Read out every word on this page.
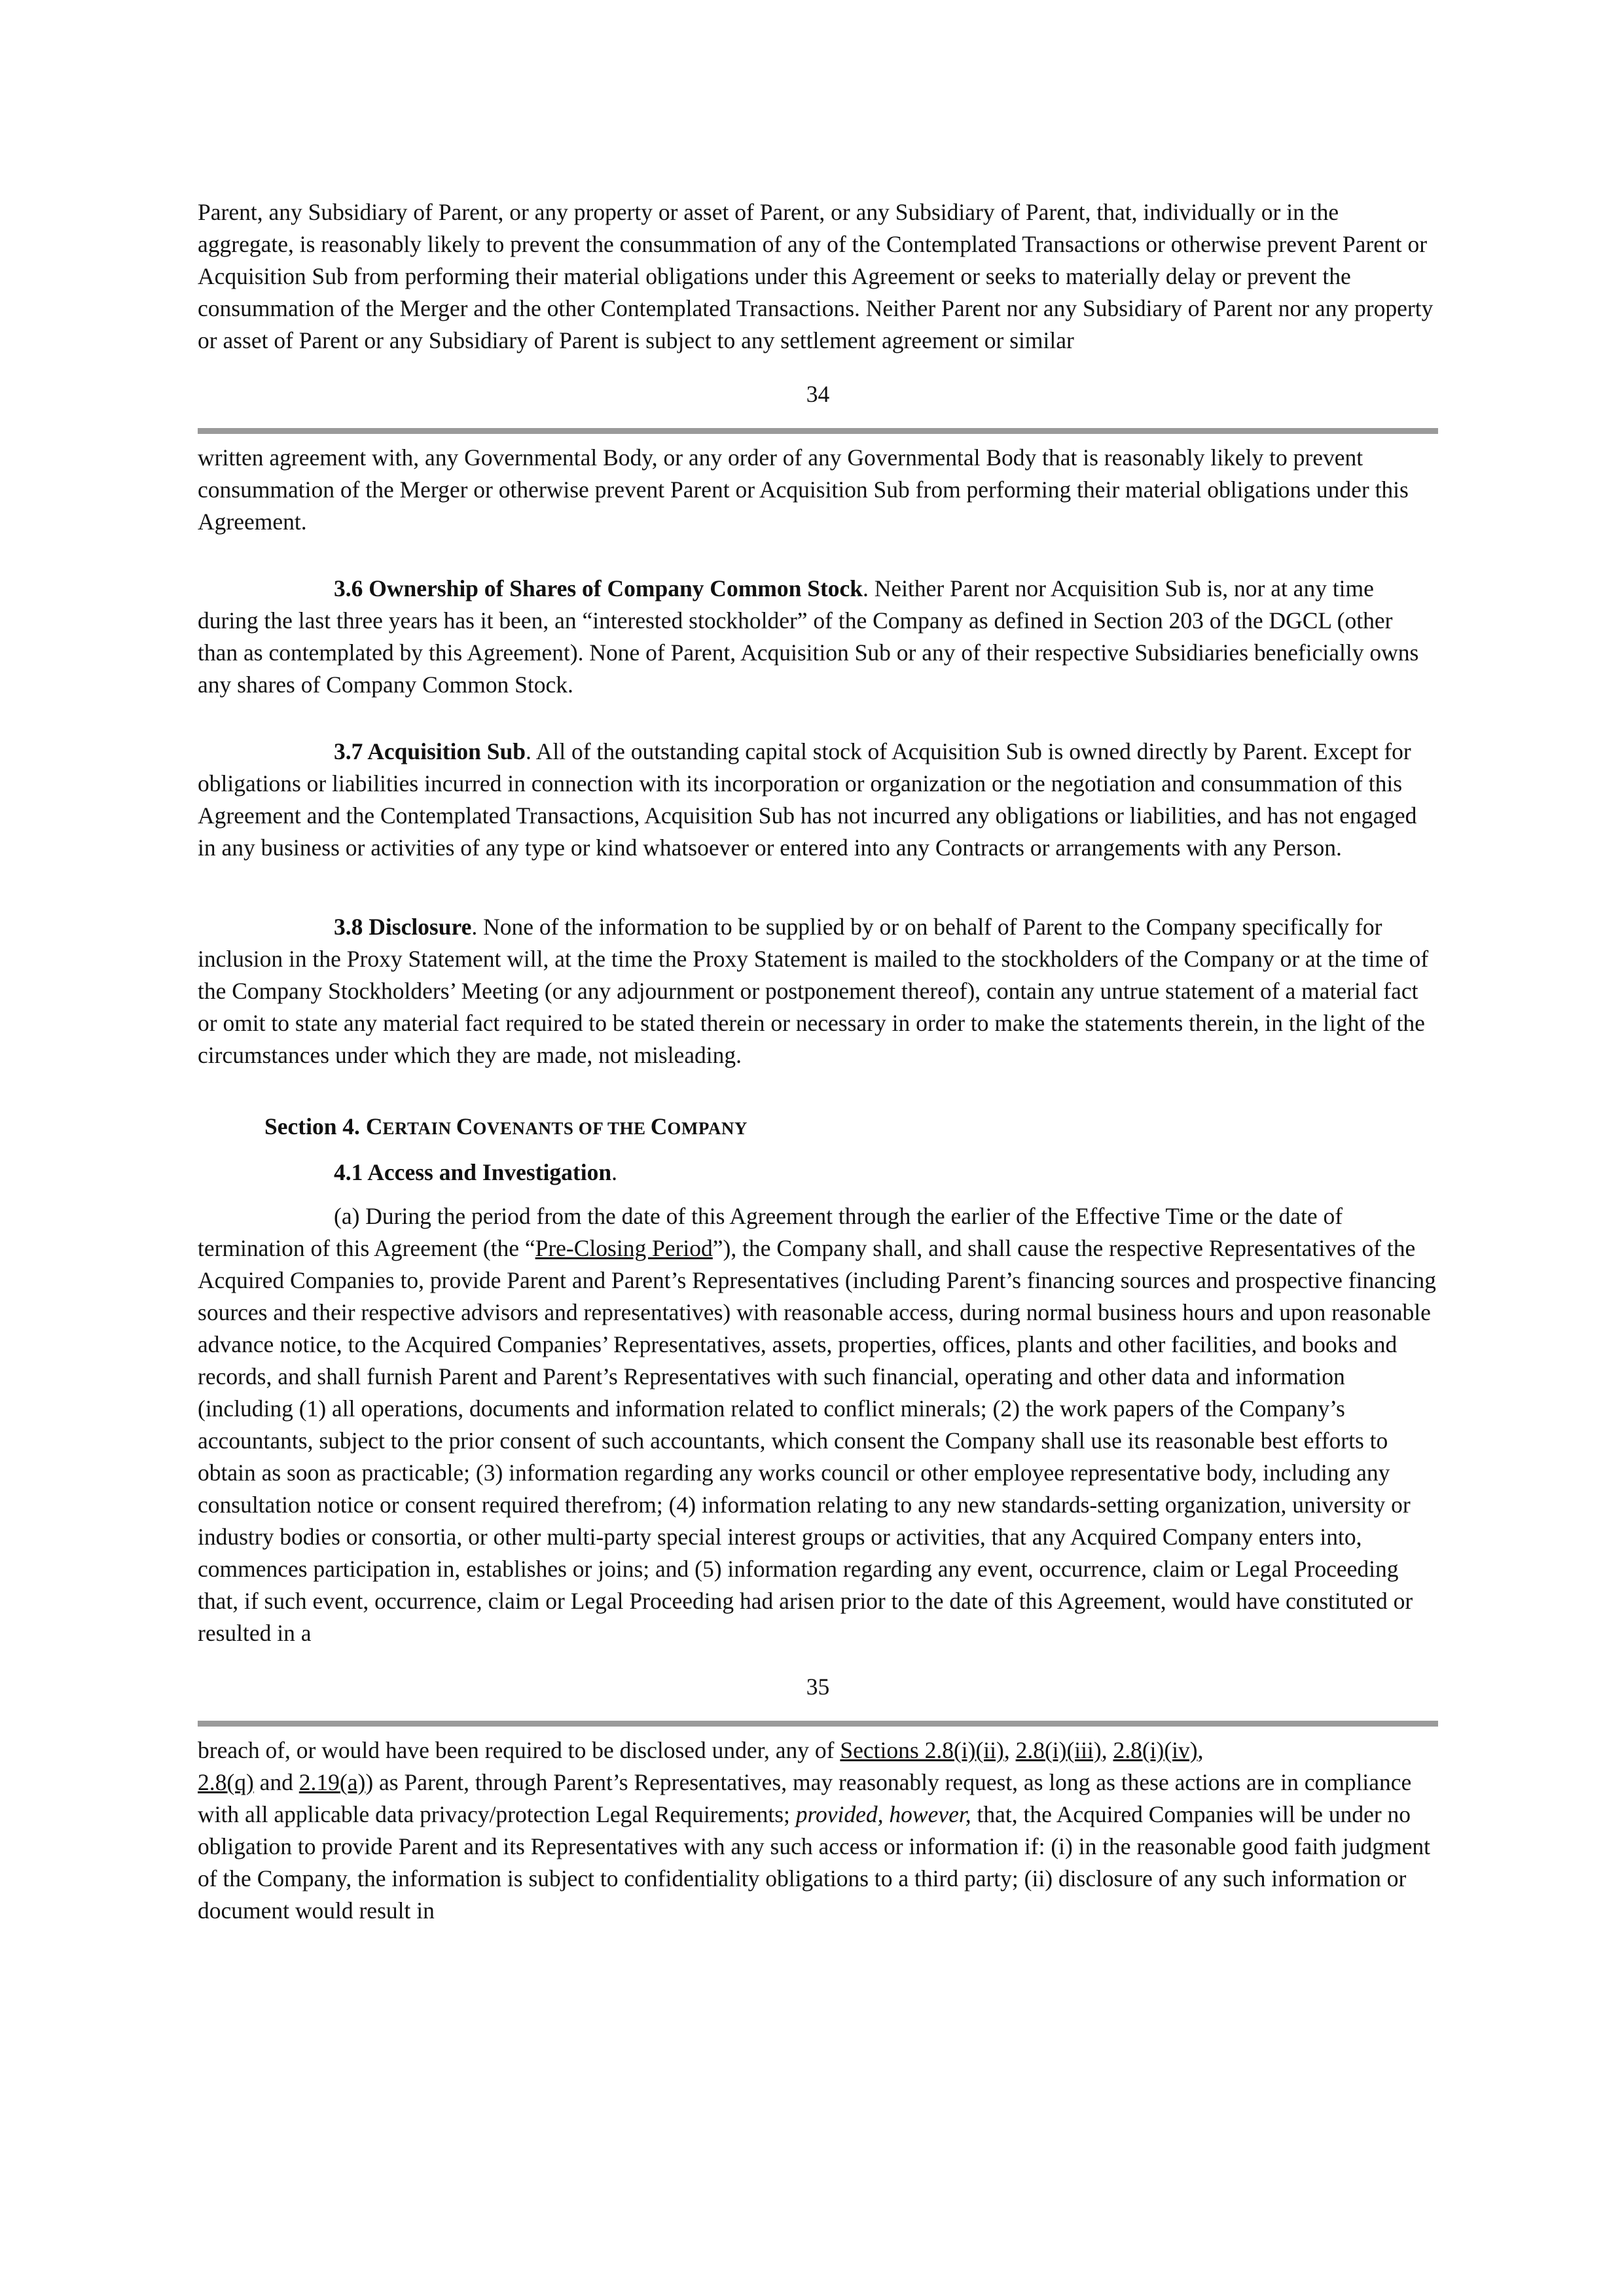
Parent, any Subsidiary of Parent, or any property or asset of Parent, or any Subsidiary of Parent, that, individually or in the aggregate, is reasonably likely to prevent the consummation of any of the Contemplated Transactions or otherwise prevent Parent or Acquisition Sub from performing their material obligations under this Agreement or seeks to materially delay or prevent the consummation of the Merger and the other Contemplated Transactions. Neither Parent nor any Subsidiary of Parent nor any property or asset of Parent or any Subsidiary of Parent is subject to any settlement agreement or similar

34

written agreement with, any Governmental Body, or any order of any Governmental Body that is reasonably likely to prevent consummation of the Merger or otherwise prevent Parent or Acquisition Sub from performing their material obligations under this Agreement.

3.6 Ownership of Shares of Company Common Stock. Neither Parent nor Acquisition Sub is, nor at any time during the last three years has it been, an “interested stockholder” of the Company as defined in Section 203 of the DGCL (other than as contemplated by this Agreement). None of Parent, Acquisition Sub or any of their respective Subsidiaries beneficially owns any shares of Company Common Stock.

3.7 Acquisition Sub. All of the outstanding capital stock of Acquisition Sub is owned directly by Parent. Except for obligations or liabilities incurred in connection with its incorporation or organization or the negotiation and consummation of this Agreement and the Contemplated Transactions, Acquisition Sub has not incurred any obligations or liabilities, and has not engaged in any business or activities of any type or kind whatsoever or entered into any Contracts or arrangements with any Person.

3.8 Disclosure. None of the information to be supplied by or on behalf of Parent to the Company specifically for inclusion in the Proxy Statement will, at the time the Proxy Statement is mailed to the stockholders of the Company or at the time of the Company Stockholders’ Meeting (or any adjournment or postponement thereof), contain any untrue statement of a material fact or omit to state any material fact required to be stated therein or necessary in order to make the statements therein, in the light of the circumstances under which they are made, not misleading.

Section 4. CERTAIN COVENANTS OF THE COMPANY

4.1 Access and Investigation.

(a) During the period from the date of this Agreement through the earlier of the Effective Time or the date of termination of this Agreement (the “Pre-Closing Period”), the Company shall, and shall cause the respective Representatives of the Acquired Companies to, provide Parent and Parent’s Representatives (including Parent’s financing sources and prospective financing sources and their respective advisors and representatives) with reasonable access, during normal business hours and upon reasonable advance notice, to the Acquired Companies’ Representatives, assets, properties, offices, plants and other facilities, and books and records, and shall furnish Parent and Parent’s Representatives with such financial, operating and other data and information (including (1) all operations, documents and information related to conflict minerals; (2) the work papers of the Company’s accountants, subject to the prior consent of such accountants, which consent the Company shall use its reasonable best efforts to obtain as soon as practicable; (3) information regarding any works council or other employee representative body, including any consultation notice or consent required therefrom; (4) information relating to any new standards-setting organization, university or industry bodies or consortia, or other multi-party special interest groups or activities, that any Acquired Company enters into, commences participation in, establishes or joins; and (5) information regarding any event, occurrence, claim or Legal Proceeding that, if such event, occurrence, claim or Legal Proceeding had arisen prior to the date of this Agreement, would have constituted or resulted in a

35

breach of, or would have been required to be disclosed under, any of Sections 2.8(i)(ii), 2.8(i)(iii), 2.8(i)(iv),
2.8(q) and 2.19(a)) as Parent, through Parent’s Representatives, may reasonably request, as long as these actions are in compliance with all applicable data privacy/protection Legal Requirements; provided, however, that, the Acquired Companies will be under no obligation to provide Parent and its Representatives with any such access or information if: (i) in the reasonable good faith judgment of the Company, the information is subject to confidentiality obligations to a third party; (ii) disclosure of any such information or document would result in
